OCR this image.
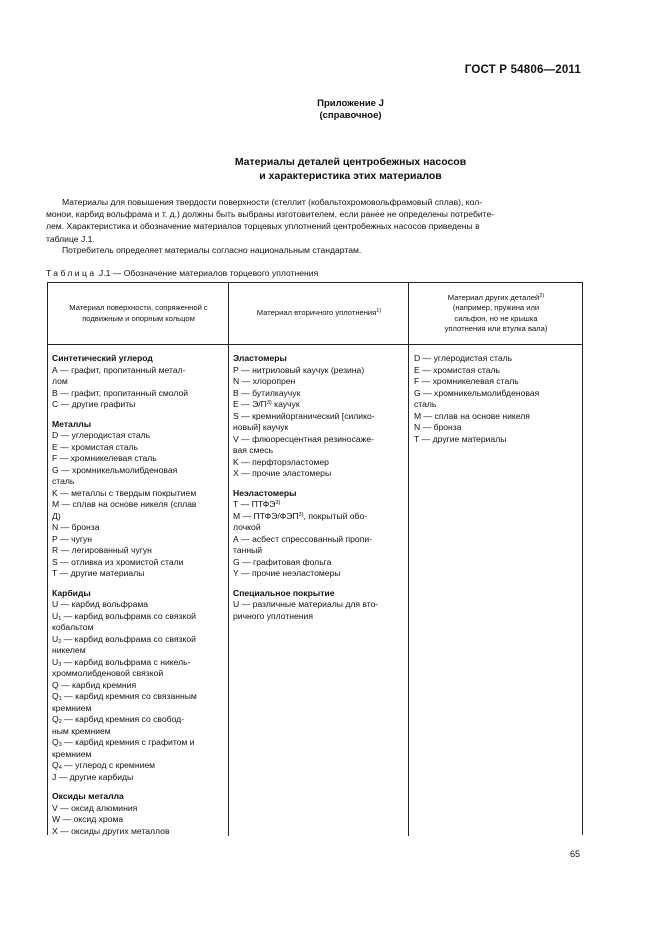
ГОСТ Р 54806—2011
Приложение J
(справочное)
Материалы деталей центробежных насосов
и характеристика этих материалов
Материалы для повышения твердости поверхности (стеллит (кобальтохромовольфрамовый сплав), кол-
монои, карбид вольфрама и т. д.) должны быть выбраны изготовителем, если ранее не определены потребите-
лем. Характеристика и обозначение материалов торцевых уплотнений центробежных насосов приведены в
таблице J.1.
Потребитель определяет материалы согласно национальным стандартам.
Таблица J.1 — Обозначение материалов торцевого уплотнения
Материал поверхности, сопряженной с
подвижным и опорным кольцом
Материал вторичного уплотнения$^{1)}$
Материал других деталей$^{2)}$
(например, пружина или
сильфон, но не крышка
уплотнения или втулка вала)
Синтетический углерод
А — графит, пропитанный метал-
лом
В — графит, пропитанный смолой
С — другие графиты
Металлы
D — углеродистая сталь
Е — хромистая сталь
F — хромникелевая сталь
G — хромникельмолибденовая
сталь
K — металлы с твердым покрытием
М — сплав на основе никеля (сплав
Д)
N — бронза
Р — чугун
R — легированный чугун
S — отливка из хромистой стали
Т — другие материалы
Карбиды
U — карбид вольфрама
$U_1$ — карбид вольфрама со связкой
кобальтом
$U_2$ — карбид вольфрама со связкой
никелем
$U_3$ — карбид вольфрама с никель-
хроммолибденовой связкой
Q — карбид кремния
$Q_1$ — карбид кремния со связанным
кремнием
$Q_2$ — карбид кремния со свобод-
ным кремнием
$Q_3$ — карбид кремния с графитом и
кремнием
$Q_4$ — углерод с кремнием
J — другие карбиды
Оксиды металла
V — оксид алюминия
W — оксид хрома
X — оксиды других металлов
Эластомеры
Р — нитриловый каучук (резина)
N — хлоропрен
В — бутилкаучук
Е — $Э/П^{3)}$ каучук
S — кремнийорганический [силико-
новый] каучук
V — флюоресцентная резиносаже-
вая смесь
K — перфторэластомер
X — прочие эластомеры
Неэластомеры
Т — ПТФЭ$^{3)}$
М — ПТФЭ/ФЭП$^{3)}$, покрытый обо-
лочкой
А — асбест спрессованный пропи-
танный
G — графитовая фольга
Y — прочие неэластомеры
Специальное покрытие
U — различные материалы для вто-
ричного уплотнения
D — углеродистая сталь
Е — хромистая сталь
F — хромникелевая сталь
G — хромникельмолибденовая
сталь
М — сплав на основе никеля
N — бронза
Т — другие материалы
65
